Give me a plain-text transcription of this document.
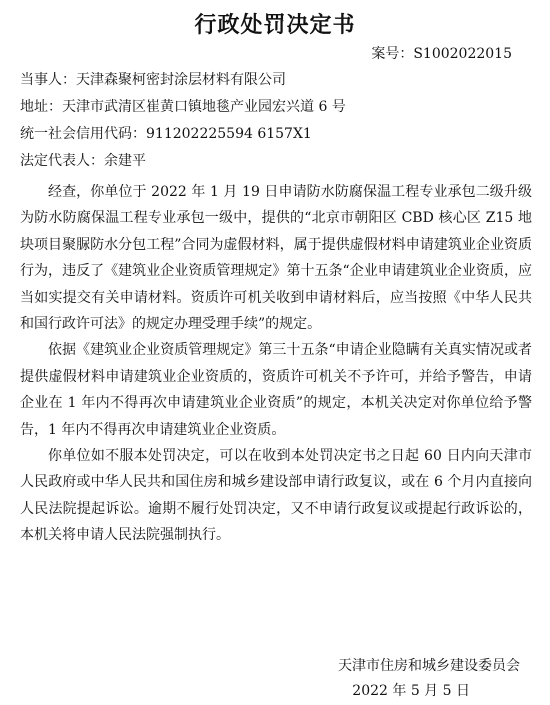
行政处罚决定书
案号：S1002022015
当事人：天津森聚柯密封涂层材料有限公司
地址：天津市武清区崔黄口镇地毯产业园宏兴道 6 号
统一社会信用代码：911202225594 6157X1
法定代表人：余建平

经查，你单位于 2022 年 1 月 19 日申请防水防腐保温工程专业承包二级升级为防水防腐保温工程专业承包一级中，提供的“北京市朝阳区 CBD 核心区 Z15 地块项目聚脲防水分包工程”合同为虚假材料，属于提供虚假材料申请建筑业企业资质行为，违反了《建筑业企业资质管理规定》第十五条“企业申请建筑业企业资质，应当如实提交有关申请材料。资质许可机关收到申请材料后，应当按照《中华人民共和国行政许可法》的规定办理受理手续”的规定。

依据《建筑业企业资质管理规定》第三十五条“申请企业隐瞒有关真实情况或者提供虚假材料申请建筑业企业资质的，资质许可机关不予许可，并给予警告，申请企业在 1 年内不得再次申请建筑业企业资质”的规定，本机关决定对你单位给予警告，1 年内不得再次申请建筑业企业资质。

你单位如不服本处罚决定，可以在收到本处罚决定书之日起 60 日内向天津市人民政府或中华人民共和国住房和城乡建设部申请行政复议，或在 6 个月内直接向人民法院提起诉讼。逾期不履行处罚决定，又不申请行政复议或提起行政诉讼的，本机关将申请人民法院强制执行。

天津市住房和城乡建设委员会
2022 年 5 月 5 日
